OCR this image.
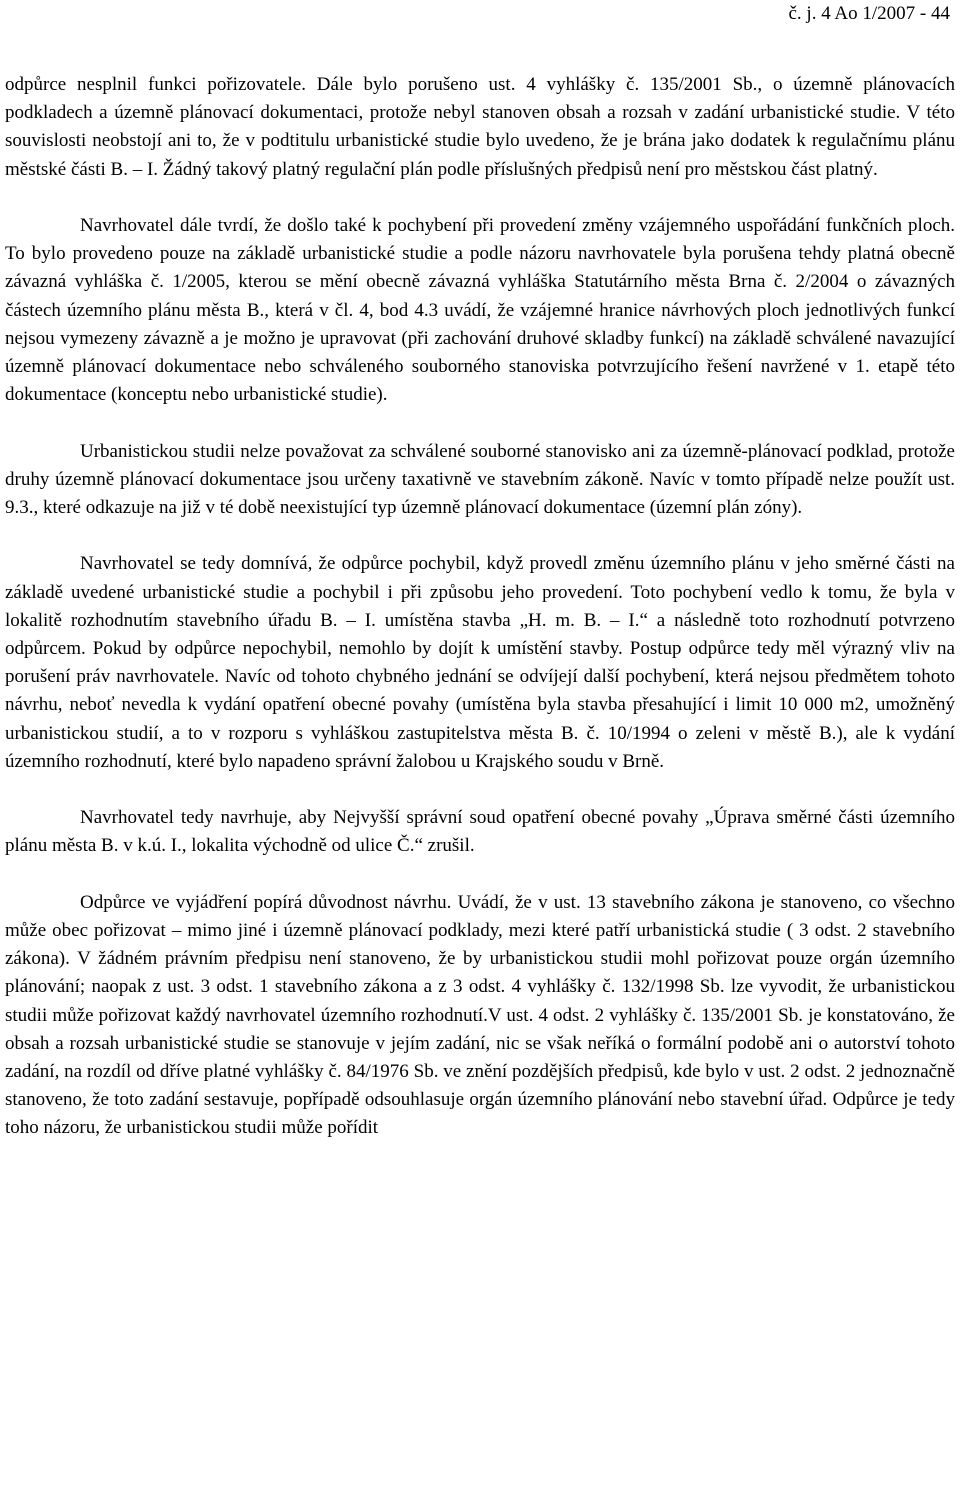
č. j. 4 Ao 1/2007 - 44

odpůrce nesplnil funkci pořizovatele. Dále bylo porušeno ust. 4 vyhlášky č. 135/2001 Sb., o územně plánovacích podkladech a územně plánovací dokumentaci, protože nebyl stanoven obsah a rozsah v zadání urbanistické studie. V této souvislosti neobstojí ani to, že v podtitulu urbanistické studie bylo uvedeno, že je brána jako dodatek k regulačnímu plánu městské části B. – I. Žádný takový platný regulační plán podle příslušných předpisů není pro městskou část platný.

Navrhovatel dále tvrdí, že došlo také k pochybení při provedení změny vzájemného uspořádání funkčních ploch. To bylo provedeno pouze na základě urbanistické studie a podle názoru navrhovatele byla porušena tehdy platná obecně závazná vyhláška č. 1/2005, kterou se mění obecně závazná vyhláška Statutárního města Brna č. 2/2004 o závazných částech územního plánu města B., která v čl. 4, bod 4.3 uvádí, že vzájemné hranice návrhových ploch jednotlivých funkcí nejsou vymezeny závazně a je možno je upravovat (při zachování druhové skladby funkcí) na základě schválené navazující územně plánovací dokumentace nebo schváleného souborného stanoviska potvrzujícího řešení navržené v 1. etapě této dokumentace (konceptu nebo urbanistické studie).

Urbanistickou studii nelze považovat za schválené souborné stanovisko ani za územně-plánovací podklad, protože druhy územně plánovací dokumentace jsou určeny taxativně ve stavebním zákoně. Navíc v tomto případě nelze použít ust. 9.3., které odkazuje na již v té době neexistující typ územně plánovací dokumentace (územní plán zóny).

Navrhovatel se tedy domnívá, že odpůrce pochybil, když provedl změnu územního plánu v jeho směrné části na základě uvedené urbanistické studie a pochybil i při způsobu jeho provedení. Toto pochybení vedlo k tomu, že byla v lokalitě rozhodnutím stavebního úřadu B. – I. umístěna stavba „H. m. B. – I.“ a následně toto rozhodnutí potvrzeno odpůrcem. Pokud by odpůrce nepochybil, nemohlo by dojít k umístění stavby. Postup odpůrce tedy měl výrazný vliv na porušení práv navrhovatele. Navíc od tohoto chybného jednání se odvíjejí další pochybení, která nejsou předmětem tohoto návrhu, neboť nevedla k vydání opatření obecné povahy (umístěna byla stavba přesahující i limit 10 000 m2, umožněný urbanistickou studií, a to v rozporu s vyhláškou zastupitelstva města B. č. 10/1994 o zeleni v městě B.), ale k vydání územního rozhodnutí, které bylo napadeno správní žalobou u Krajského soudu v Brně.

Navrhovatel tedy navrhuje, aby Nejvyšší správní soud opatření obecné povahy „Úprava směrné části územního plánu města B. v k.ú. I., lokalita východně od ulice Č.“ zrušil.

Odpůrce ve vyjádření popírá důvodnost návrhu. Uvádí, že v ust. 13 stavebního zákona je stanoveno, co všechno může obec pořizovat – mimo jiné i územně plánovací podklady, mezi které patří urbanistická studie ( 3 odst. 2 stavebního zákona). V žádném právním předpisu není stanoveno, že by urbanistickou studii mohl pořizovat pouze orgán územního plánování; naopak z ust. 3 odst. 1 stavebního zákona a z 3 odst. 4 vyhlášky č. 132/1998 Sb. lze vyvodit, že urbanistickou studii může pořizovat každý navrhovatel územního rozhodnutí.V ust. 4 odst. 2 vyhlášky č. 135/2001 Sb. je konstatováno, že obsah a rozsah urbanistické studie se stanovuje v jejím zadání, nic se však neříká o formální podobě ani o autorství tohoto zadání, na rozdíl od dříve platné vyhlášky č. 84/1976 Sb. ve znění pozdějších předpisů, kde bylo v ust. 2 odst. 2 jednoznačně stanoveno, že toto zadání sestavuje, popřípadě odsouhlasuje orgán územního plánování nebo stavební úřad. Odpůrce je tedy toho názoru, že urbanistickou studii může pořídit
